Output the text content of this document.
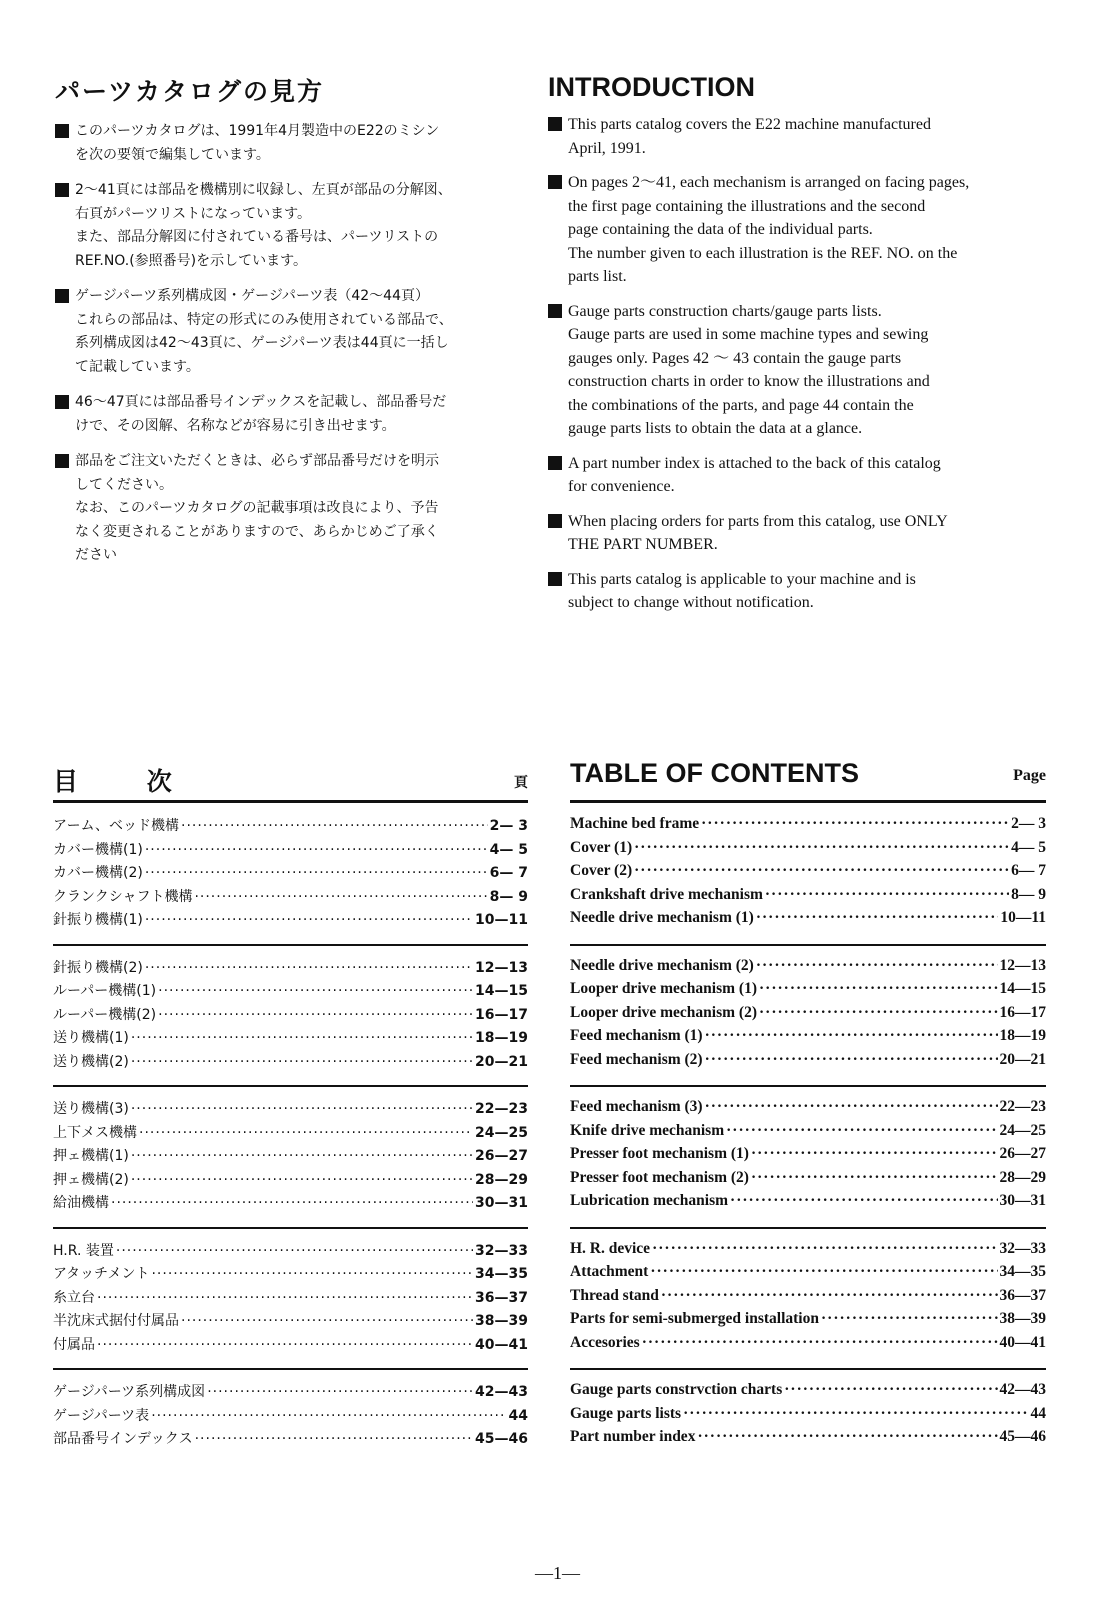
パーツカタログの見方
このパーツカタログは、1991年4月製造中のE22のミシン
を次の要領で編集しています。
2～41頁には部品を機構別に収録し、左頁が部品の分解図、
右頁がパーツリストになっています。
また、部品分解図に付されている番号は、パーツリストの
REF.NO.(参照番号)を示しています。
ゲージパーツ系列構成図・ゲージパーツ表（42～44頁）
これらの部品は、特定の形式にのみ使用されている部品で、
系列構成図は42～43頁に、ゲージパーツ表は44頁に一括し
て記載しています。
46～47頁には部品番号インデックスを記載し、部品番号だ
けで、その図解、名称などが容易に引き出せます。
部品をご注文いただくときは、必らず部品番号だけを明示
してください。
なお、このパーツカタログの記載事項は改良により、予告
なく変更されることがありますので、あらかじめご了承く
ださい
INTRODUCTION
This parts catalog covers the E22 machine manufactured
April, 1991.
On pages 2～41, each mechanism is arranged on facing pages,
the first page containing the illustrations and the second
page containing the data of the individual parts.
The number given to each illustration is the REF. NO. on the
parts list.
Gauge parts construction charts/gauge parts lists.
Gauge parts are used in some machine types and sewing
gauges only. Pages 42 ～ 43 contain the gauge parts
construction charts in order to know the illustrations and
the combinations of the parts, and page 44 contain the
gauge parts lists to obtain the data at a glance.
A part number index is attached to the back of this catalog
for convenience.
When placing orders for parts from this catalog, use ONLY
THE PART NUMBER.
This parts catalog is applicable to your machine and is
subject to change without notification.
目 次	頁
アーム、ベッド機構 ·····	2— 3
カバー機構(1) ·····	4— 5
カバー機構(2) ·····	6— 7
クランクシャフト機構 ·····	8— 9
針振り機構(1) ·····	10—11
針振り機構(2) ·····	12—13
ルーパー機構(1) ·····	14—15
ルーパー機構(2) ·····	16—17
送り機構(1) ·····	18—19
送り機構(2) ·····	20—21
送り機構(3) ·····	22—23
上下メス機構 ·····	24—25
押ェ機構(1) ·····	26—27
押ェ機構(2) ·····	28—29
給油機構 ·····	30—31
H.R. 装置 ·····	32—33
アタッチメント ·····	34—35
糸立台 ·····	36—37
半沈床式据付付属品 ·····	38—39
付属品 ·····	40—41
ゲージパーツ系列構成図 ·····	42—43
ゲージパーツ表 ·····	44
部品番号インデックス ·····	45—46
TABLE OF CONTENTS	Page
Machine bed frame ·····	2— 3
Cover (1) ·····	4— 5
Cover (2) ·····	6— 7
Crankshaft drive mechanism ·····	8— 9
Needle drive mechanism (1) ·····	10—11
Needle drive mechanism (2) ·····	12—13
Looper drive mechanism (1) ·····	14—15
Looper drive mechanism (2) ·····	16—17
Feed mechanism (1) ·····	18—19
Feed mechanism (2) ·····	20—21
Feed mechanism (3) ·····	22—23
Knife drive mechanism ·····	24—25
Presser foot mechanism (1) ·····	26—27
Presser foot mechanism (2) ·····	28—29
Lubrication mechanism ·····	30—31
H. R. device ·····	32—33
Attachment ·····	34—35
Thread stand ·····	36—37
Parts for semi-submerged installation ·····	38—39
Accesories ·····	40—41
Gauge parts constrvction charts ·····	42—43
Gauge parts lists ·····	44
Part number index ·····	45—46
—1—
